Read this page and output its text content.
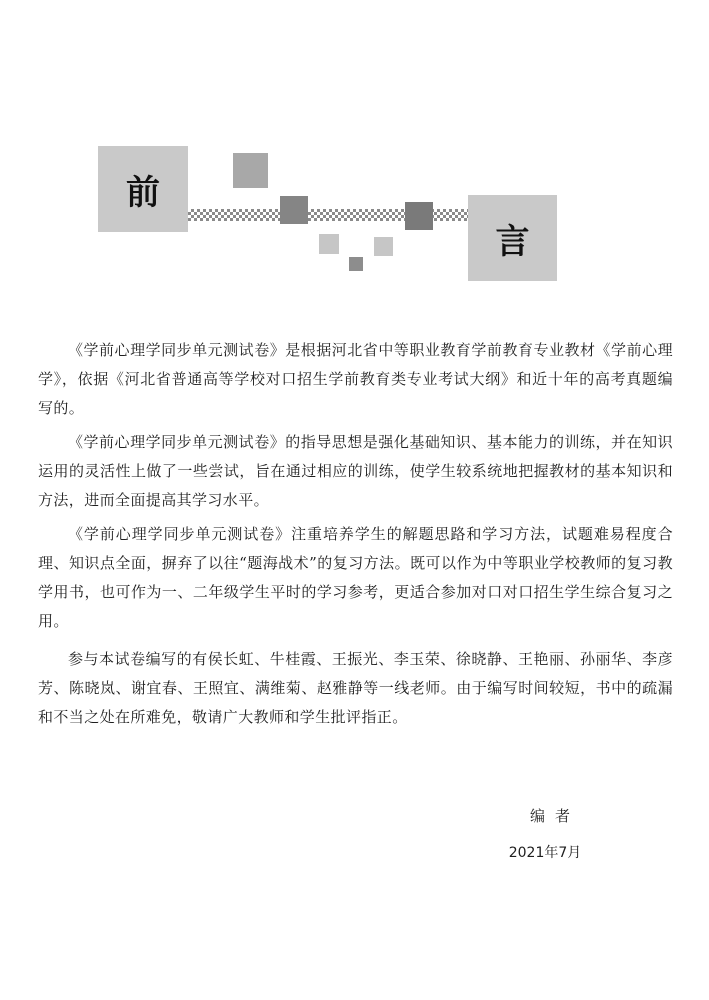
前
言

《学前心理学同步单元测试卷》是根据河北省中等职业教育学前教育专业教材《学前心理学》，依据《河北省普通高等学校对口招生学前教育类专业考试大纲》和近十年的高考真题编写的。

《学前心理学同步单元测试卷》的指导思想是强化基础知识、基本能力的训练，并在知识运用的灵活性上做了一些尝试，旨在通过相应的训练，使学生较系统地把握教材的基本知识和方法，进而全面提高其学习水平。

《学前心理学同步单元测试卷》注重培养学生的解题思路和学习方法，试题难易程度合理、知识点全面，摒弃了以往“题海战术”的复习方法。既可以作为中等职业学校教师的复习教学用书，也可作为一、二年级学生平时的学习参考，更适合参加对口对口招生学生综合复习之用。

参与本试卷编写的有侯长虹、牛桂霞、王振光、李玉荣、徐晓静、王艳丽、孙丽华、李彦芳、陈晓岚、谢宜春、王照宜、满维菊、赵雅静等一线老师。由于编写时间较短，书中的疏漏和不当之处在所难免，敬请广大教师和学生批评指正。

编者
2021年7月
